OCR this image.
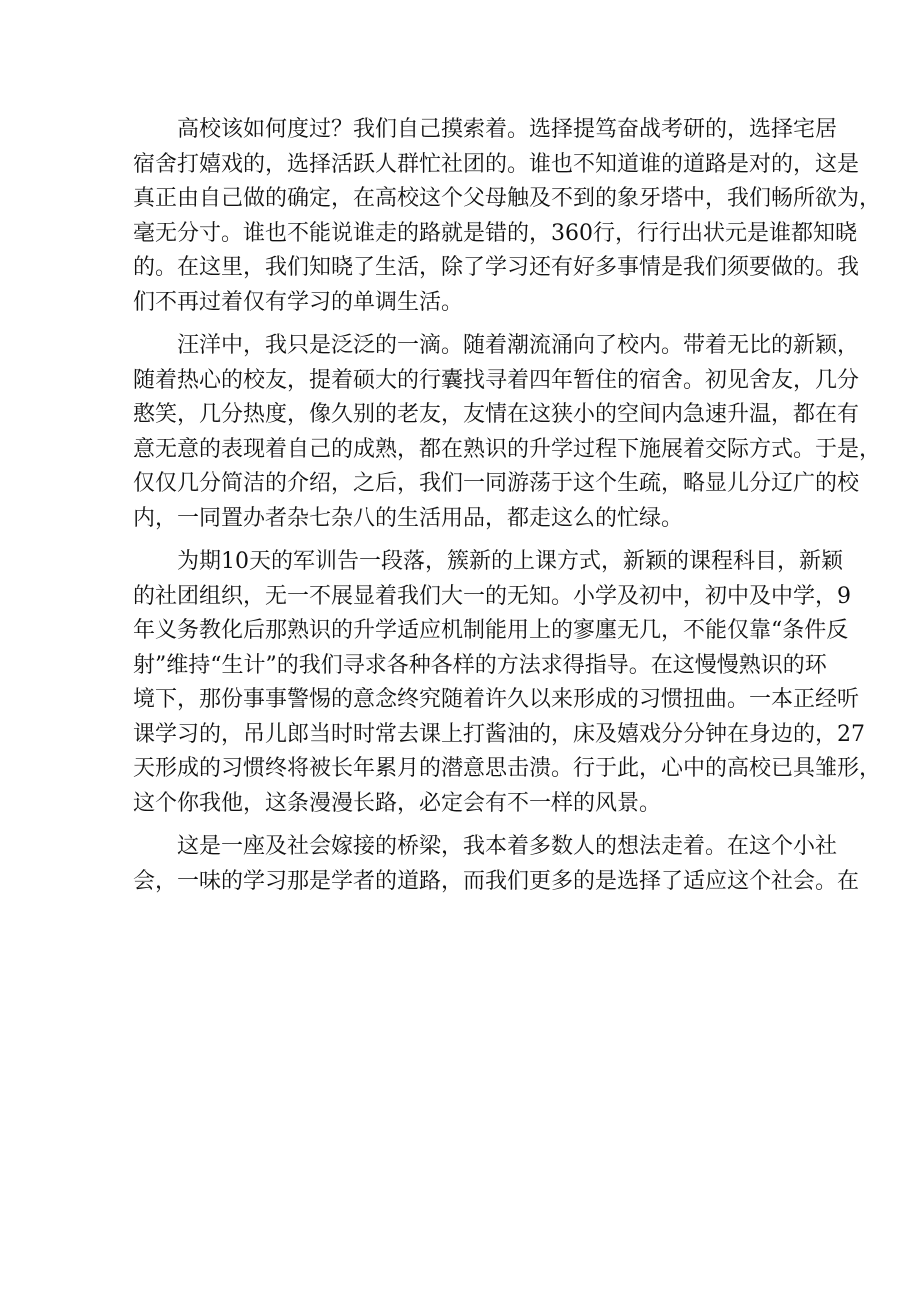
高校该如何度过？我们自己摸索着。选择提笃奋战考研的，选择宅居
宿舍打嬉戏的，选择活跃人群忙社团的。谁也不知道谁的道路是对的，这是
真正由自己做的确定，在高校这个父母触及不到的象牙塔中，我们畅所欲为，
毫无分寸。谁也不能说谁走的路就是错的，360行，行行出状元是谁都知晓
的。在这里，我们知晓了生活，除了学习还有好多事情是我们须要做的。我
们不再过着仅有学习的单调生活。
汪洋中，我只是泛泛的一滴。随着潮流涌向了校内。带着无比的新颖，
随着热心的校友，提着硕大的行囊找寻着四年暂住的宿舍。初见舍友，几分
憨笑，几分热度，像久别的老友，友情在这狭小的空间内急速升温，都在有
意无意的表现着自己的成熟，都在熟识的升学过程下施展着交际方式。于是，
仅仅几分简洁的介绍，之后，我们一同游荡于这个生疏，略显儿分辽广的校
内，一同置办者杂七杂八的生活用品，都走这么的忙绿。
为期10天的军训告一段落，簇新的上课方式，新颖的课程科目，新颖
的社团组织，无一不展显着我们大一的无知。小学及初中，初中及中学，9
年义务教化后那熟识的升学适应机制能用上的寥廛无几，不能仅靠“条件反
射”维持“生计”的我们寻求各种各样的方法求得指导。在这慢慢熟识的环
境下，那份事事警惕的意念终究随着许久以来形成的习惯扭曲。一本正经听
课学习的，吊儿郎当时时常去课上打酱油的，床及嬉戏分分钟在身边的，27
天形成的习惯终将被长年累月的潜意思击溃。行于此，心中的高校已具雏形，
这个你我他，这条漫漫长路，必定会有不一样的风景。
这是一座及社会嫁接的桥梁，我本着多数人的想法走着。在这个小社
会，一味的学习那是学者的道路，而我们更多的是选择了适应这个社会。在
